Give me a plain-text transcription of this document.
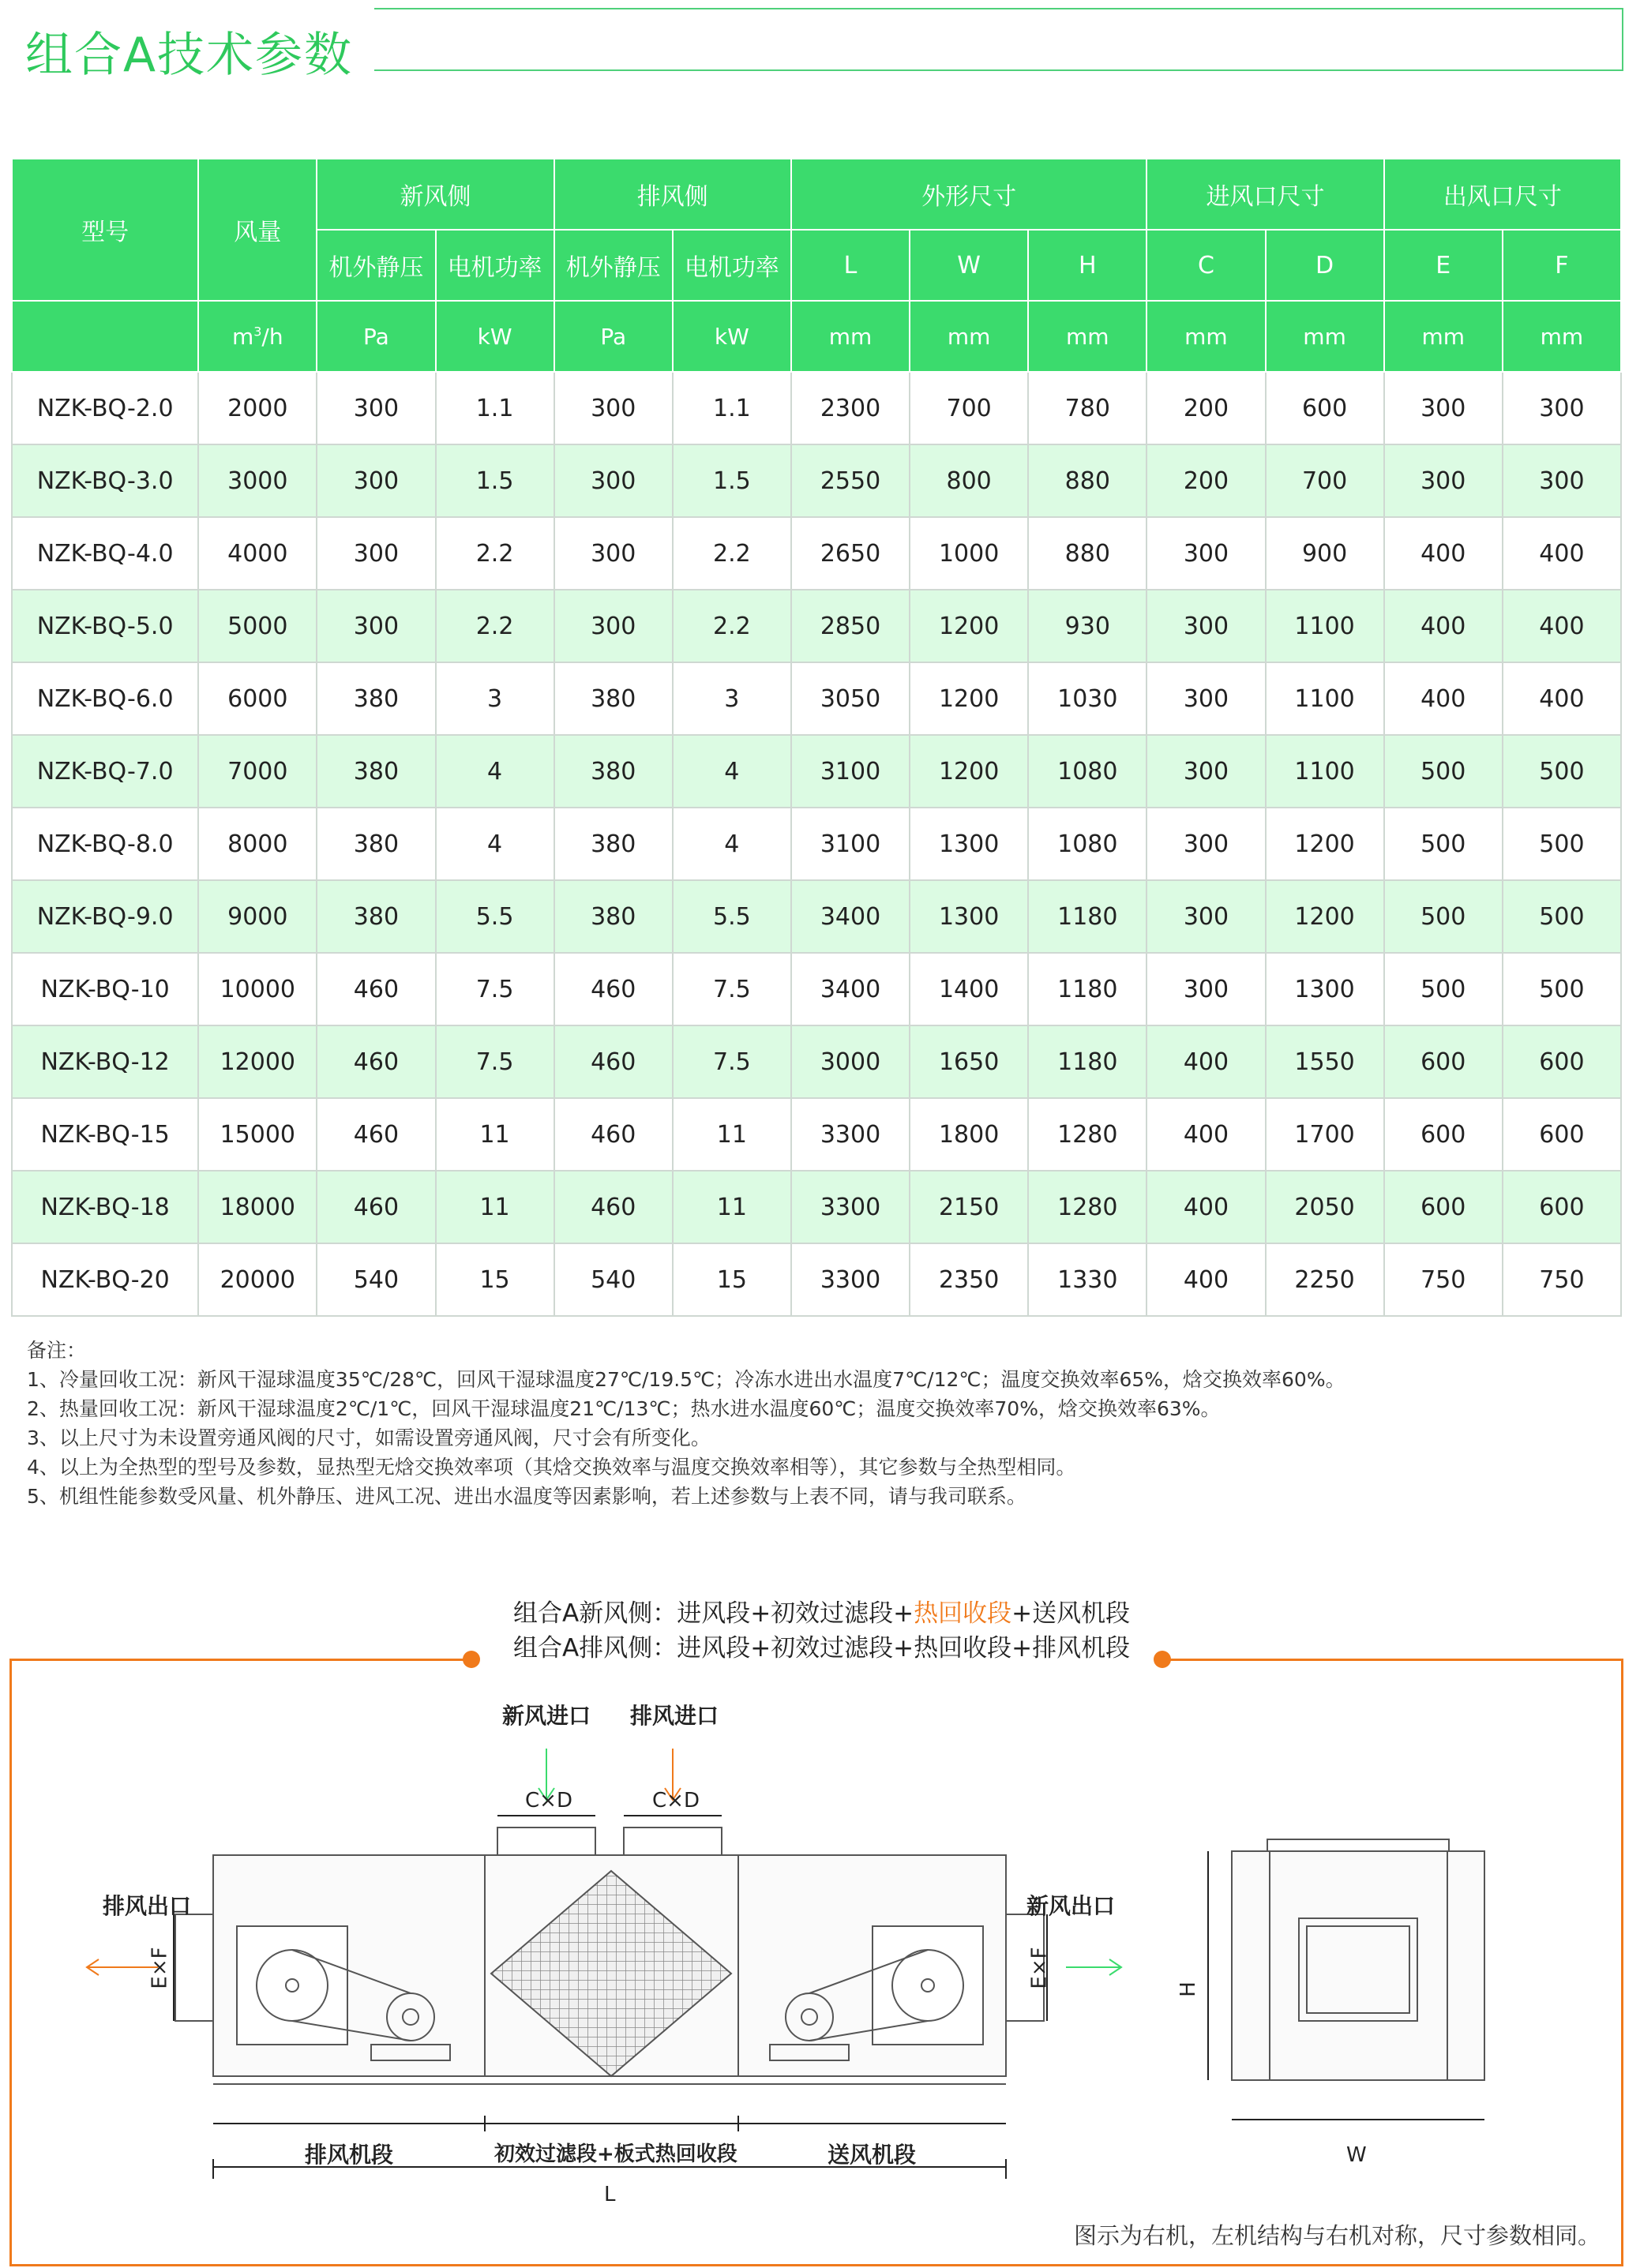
组合A技术参数
型号	风量	新风侧		排风侧		外形尺寸			进风口尺寸		出风口尺寸	
		机外静压	电机功率	机外静压	电机功率	L	W	H	C	D	E	F
	$m^3/h$	Pa	kW	Pa	kW	mm	mm	mm	mm	mm	mm	mm
NZK-BQ-2.0	2000	300	1.1	300	1.1	2300	700	780	200	600	300	300
NZK-BQ-3.0	3000	300	1.5	300	1.5	2550	800	880	200	700	300	300
NZK-BQ-4.0	4000	300	2.2	300	2.2	2650	1000	880	300	900	400	400
NZK-BQ-5.0	5000	300	2.2	300	2.2	2850	1200	930	300	1100	400	400
NZK-BQ-6.0	6000	380	3	380	3	3050	1200	1030	300	1100	400	400
NZK-BQ-7.0	7000	380	4	380	4	3100	1200	1080	300	1100	500	500
NZK-BQ-8.0	8000	380	4	380	4	3100	1300	1080	300	1200	500	500
NZK-BQ-9.0	9000	380	5.5	380	5.5	3400	1300	1180	300	1200	500	500
NZK-BQ-10	10000	460	7.5	460	7.5	3400	1400	1180	300	1300	500	500
NZK-BQ-12	12000	460	7.5	460	7.5	3000	1650	1180	400	1550	600	600
NZK-BQ-15	15000	460	11	460	11	3300	1800	1280	400	1700	600	600
NZK-BQ-18	18000	460	11	460	11	3300	2150	1280	400	2050	600	600
NZK-BQ-20	20000	540	15	540	15	3300	2350	1330	400	2250	750	750
备注：
1、冷量回收工况：新风干湿球温度35℃/28℃，回风干湿球温度27℃/19.5℃；冷冻水进出水温度7℃/12℃；温度交换效率65%，焓交换效率60%。
2、热量回收工况：新风干湿球温度2℃/1℃，回风干湿球温度21℃/13℃；热水进水温度60℃；温度交换效率70%，焓交换效率63%。
3、以上尺寸为未设置旁通风阀的尺寸，如需设置旁通风阀，尺寸会有所变化。
4、以上为全热型的型号及参数，显热型无焓交换效率项（其焓交换效率与温度交换效率相等），其它参数与全热型相同。
5、机组性能参数受风量、机外静压、进风工况、进出水温度等因素影响，若上述参数与上表不同，请与我司联系。
组合A新风侧：进风段+初效过滤段+热回收段+送风机段
组合A排风侧：进风段+初效过滤段+热回收段+排风机段
新风进口 排风进口
C×D	C×D
排风出口	新风出口
E×F	E×F
排风机段	初效过滤段+板式热回收段	送风机段
L
H
W
图示为右机，左机结构与右机对称，尺寸参数相同。
